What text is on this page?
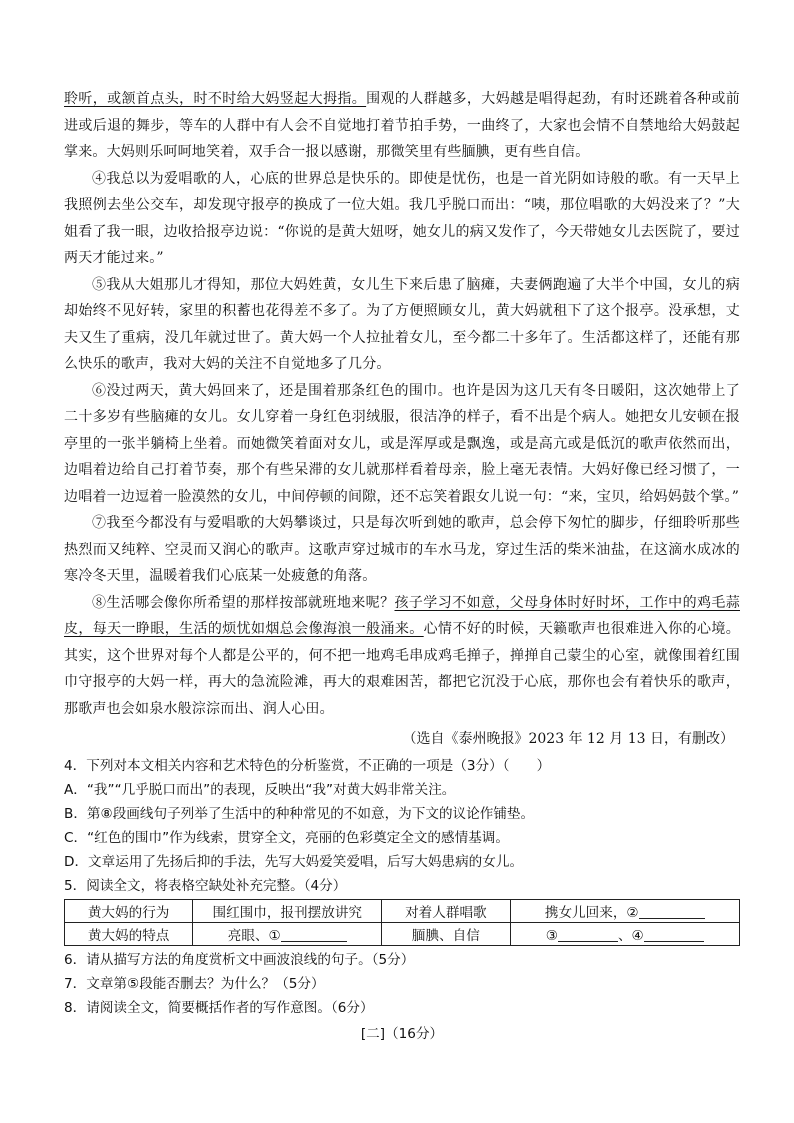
聆听，或颔首点头，时不时给大妈竖起大拇指。围观的人群越多，大妈越是唱得起劲，有时还跳着各种或前进或后退的舞步，等车的人群中有人会不自觉地打着节拍手势，一曲终了，大家也会情不自禁地给大妈鼓起掌来。大妈则乐呵呵地笑着，双手合一报以感谢，那微笑里有些腼腆，更有些自信。

④我总以为爱唱歌的人，心底的世界总是快乐的。即使是忧伤，也是一首光阴如诗般的歌。有一天早上我照例去坐公交车，却发现守报亭的换成了一位大姐。我几乎脱口而出：“咦，那位唱歌的大妈没来了？”大姐看了我一眼，边收拾报亭边说：“你说的是黄大妞呀，她女儿的病又发作了，今天带她女儿去医院了，要过两天才能过来。”

⑤我从大姐那儿才得知，那位大妈姓黄，女儿生下来后患了脑瘫，夫妻俩跑遍了大半个中国，女儿的病却始终不见好转，家里的积蓄也花得差不多了。为了方便照顾女儿，黄大妈就租下了这个报亭。没承想，丈夫又生了重病，没几年就过世了。黄大妈一个人拉扯着女儿，至今都二十多年了。生活都这样了，还能有那么快乐的歌声，我对大妈的关注不自觉地多了几分。

⑥没过两天，黄大妈回来了，还是围着那条红色的围巾。也许是因为这几天有冬日暖阳，这次她带上了二十多岁有些脑瘫的女儿。女儿穿着一身红色羽绒服，很洁净的样子，看不出是个病人。她把女儿安顿在报亭里的一张半躺椅上坐着。而她微笑着面对女儿，或是浑厚或是飘逸，或是高亢或是低沉的歌声依然而出，边唱着边给自己打着节奏，那个有些呆滞的女儿就那样看着母亲，脸上毫无表情。大妈好像已经习惯了，一边唱着一边逗着一脸漠然的女儿，中间停顿的间隙，还不忘笑着跟女儿说一句：“来，宝贝，给妈妈鼓个掌。”

⑦我至今都没有与爱唱歌的大妈攀谈过，只是每次听到她的歌声，总会停下匆忙的脚步，仔细聆听那些热烈而又纯粹、空灵而又润心的歌声。这歌声穿过城市的车水马龙，穿过生活的柴米油盐，在这滴水成冰的寒冷冬天里，温暖着我们心底某一处疲惫的角落。

⑧生活哪会像你所希望的那样按部就班地来呢？孩子学习不如意，父母身体时好时坏，工作中的鸡毛蒜皮，每天一睁眼，生活的烦忧如烟总会像海浪一般涌来。心情不好的时候，天籁歌声也很难进入你的心境。其实，这个世界对每个人都是公平的，何不把一地鸡毛串成鸡毛掸子，掸掸自己蒙尘的心室，就像围着红围巾守报亭的大妈一样，再大的急流险滩，再大的艰难困苦，都把它沉没于心底，那你也会有着快乐的歌声，那歌声也会如泉水般淙淙而出、润人心田。

（选自《泰州晚报》2023 年 12 月 13 日，有删改）

4．下列对本文相关内容和艺术特色的分析鉴赏，不正确的一项是（3分）（　　）

A．“我”“几乎脱口而出”的表现，反映出“我”对黄大妈非常关注。

B．第⑧段画线句子列举了生活中的种种常见的不如意，为下文的议论作铺垫。

C．“红色的围巾”作为线索，贯穿全文，亮丽的色彩奠定全文的感情基调。

D．文章运用了先扬后抑的手法，先写大妈爱笑爱唱，后写大妈患病的女儿。

5．阅读全文，将表格空缺处补充完整。（4分）

黄大妈的行为	围红围巾，报刊摆放讲究	对着人群唱歌	携女儿回来，②
黄大妈的特点	亮眼、①	腼腆、自信	③ 、④

6．请从描写方法的角度赏析文中画波浪线的句子。（5分）

7．文章第⑤段能否删去？为什么？（5分）

8．请阅读全文，简要概括作者的写作意图。（6分）

[二]（16分）
